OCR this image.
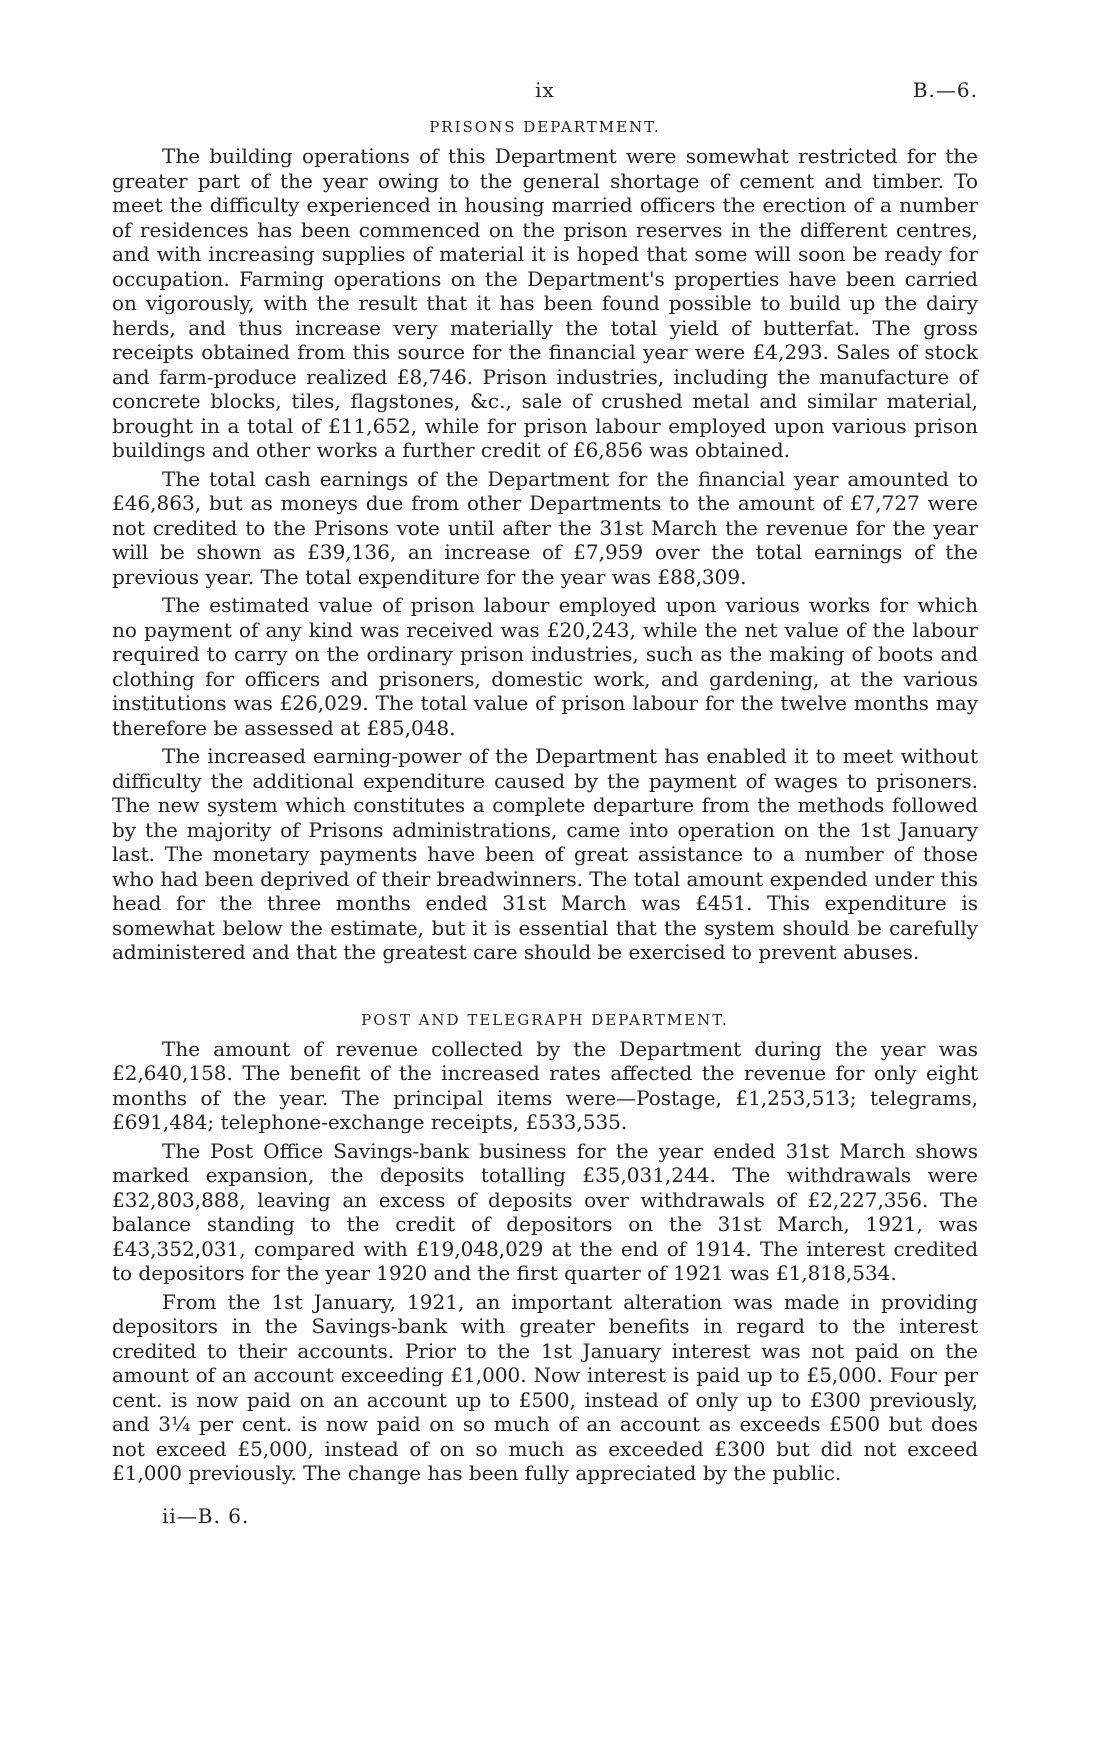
ix	B.—6.
PRISONS DEPARTMENT.

The building operations of this Department were somewhat restricted for the greater part of the year owing to the general shortage of cement and timber. To meet the difficulty experienced in housing married officers the erection of a number of residences has been commenced on the prison reserves in the different centres, and with increasing supplies of material it is hoped that some will soon be ready for occupation. Farming operations on the Department's properties have been carried on vigorously, with the result that it has been found possible to build up the dairy herds, and thus increase very materially the total yield of butterfat. The gross receipts obtained from this source for the financial year were £4,293. Sales of stock and farm-produce realized £8,746. Prison industries, including the manufacture of concrete blocks, tiles, flagstones, &c., sale of crushed metal and similar material, brought in a total of £11,652, while for prison labour employed upon various prison buildings and other works a further credit of £6,856 was obtained.

The total cash earnings of the Department for the financial year amounted to £46,863, but as moneys due from other Departments to the amount of £7,727 were not credited to the Prisons vote until after the 31st March the revenue for the year will be shown as £39,136, an increase of £7,959 over the total earnings of the previous year. The total expenditure for the year was £88,309.

The estimated value of prison labour employed upon various works for which no payment of any kind was received was £20,243, while the net value of the labour required to carry on the ordinary prison industries, such as the making of boots and clothing for officers and prisoners, domestic work, and gardening, at the various institutions was £26,029. The total value of prison labour for the twelve months may therefore be assessed at £85,048.

The increased earning-power of the Department has enabled it to meet without difficulty the additional expenditure caused by the payment of wages to prisoners. The new system which constitutes a complete departure from the methods followed by the majority of Prisons administrations, came into operation on the 1st January last. The monetary payments have been of great assistance to a number of those who had been deprived of their breadwinners. The total amount expended under this head for the three months ended 31st March was £451. This expenditure is somewhat below the estimate, but it is essential that the system should be carefully administered and that the greatest care should be exercised to prevent abuses.

POST AND TELEGRAPH DEPARTMENT.

The amount of revenue collected by the Department during the year was £2,640,158. The benefit of the increased rates affected the revenue for only eight months of the year. The principal items were—Postage, £1,253,513; telegrams, £691,484; telephone-exchange receipts, £533,535.

The Post Office Savings-bank business for the year ended 31st March shows marked expansion, the deposits totalling £35,031,244. The withdrawals were £32,803,888, leaving an excess of deposits over withdrawals of £2,227,356. The balance standing to the credit of depositors on the 31st March, 1921, was £43,352,031, compared with £19,048,029 at the end of 1914. The interest credited to depositors for the year 1920 and the first quarter of 1921 was £1,818,534.

From the 1st January, 1921, an important alteration was made in providing depositors in the Savings-bank with greater benefits in regard to the interest credited to their accounts. Prior to the 1st January interest was not paid on the amount of an account exceeding £1,000. Now interest is paid up to £5,000. Four per cent. is now paid on an account up to £500, instead of only up to £300 previously, and 3¼ per cent. is now paid on so much of an account as exceeds £500 but does not exceed £5,000, instead of on so much as exceeded £300 but did not exceed £1,000 previously. The change has been fully appreciated by the public.

ii—B. 6.
